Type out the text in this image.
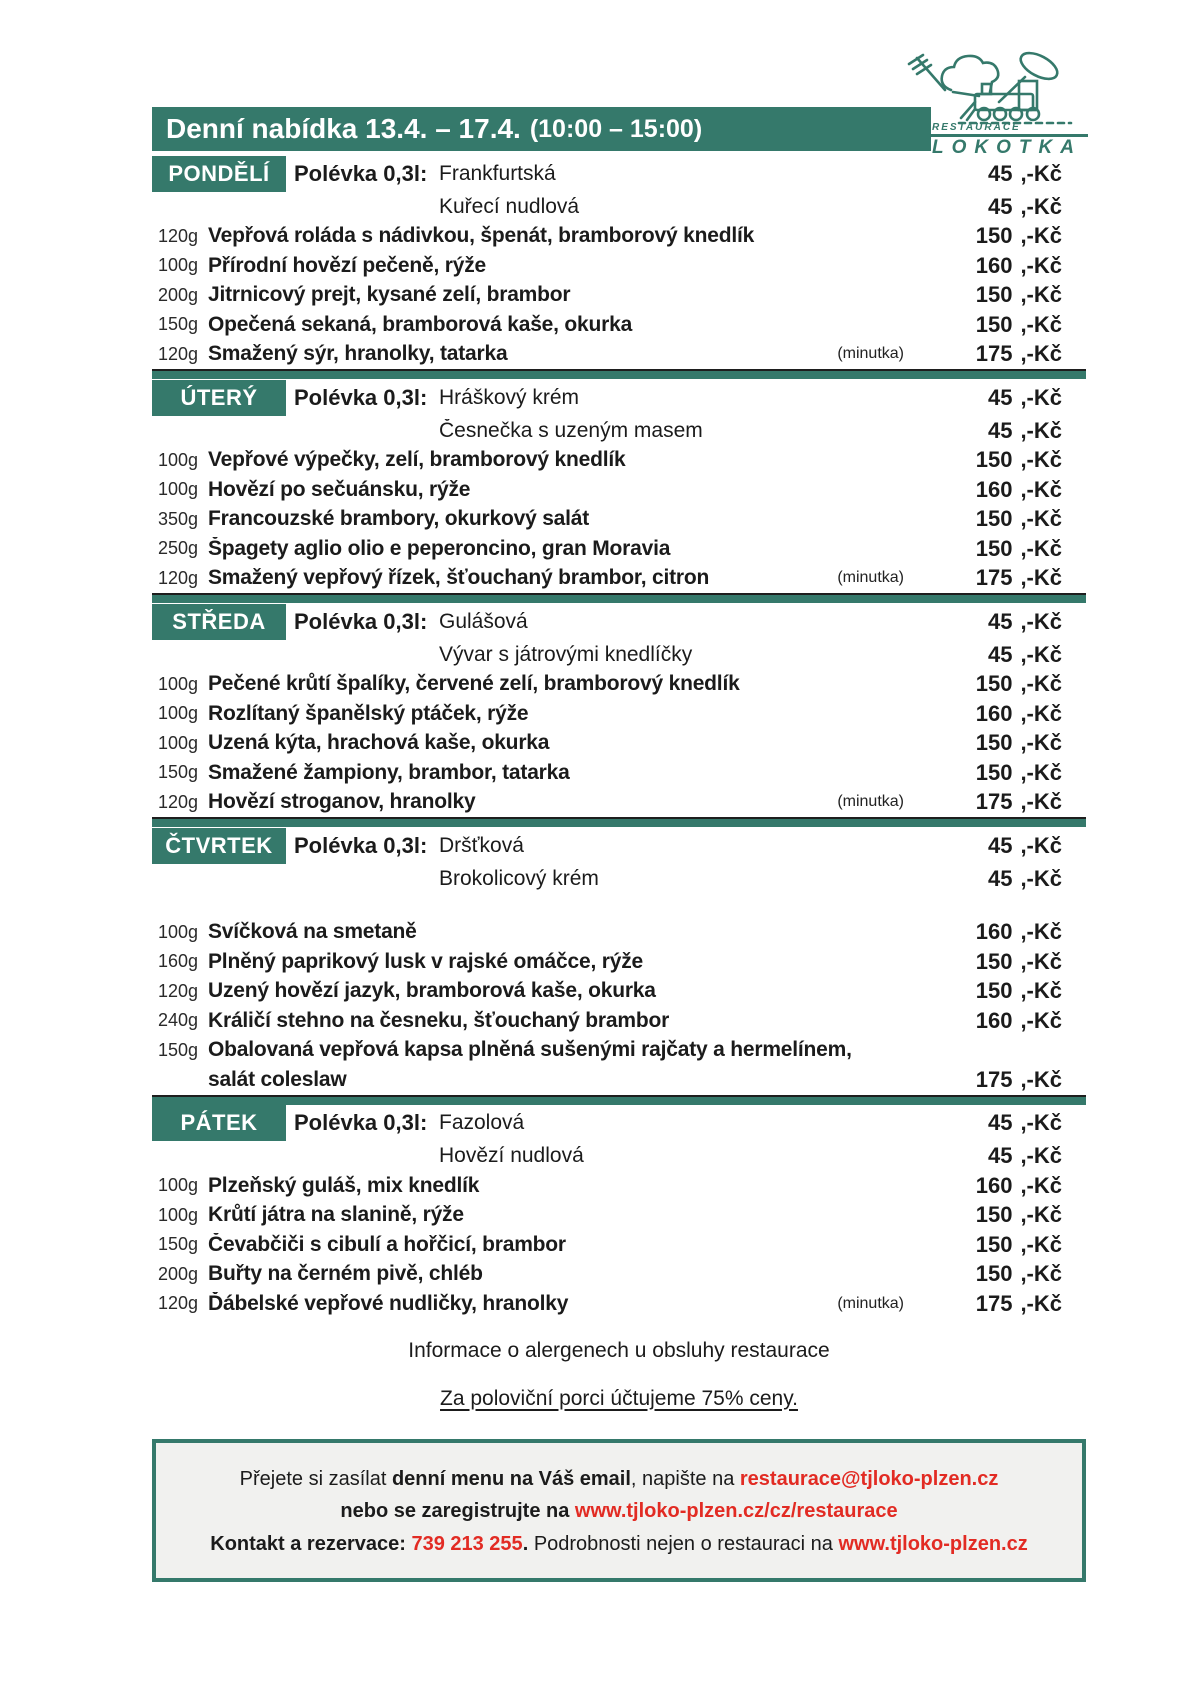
RESTAURACE
LOKOTKA
Denní nabídka 13.4. – 17.4. (10:00 – 15:00)
PONDĚLÍ	Polévka 0,3l: Frankfurtská	45 ,-Kč
Kuřecí nudlová	45 ,-Kč
120g Vepřová roláda s nádivkou, špenát, bramborový knedlík	150 ,-Kč
100g Přírodní hovězí pečeně, rýže	160 ,-Kč
200g Jitrnicový prejt, kysané zelí, brambor	150 ,-Kč
150g Opečená sekaná, bramborová kaše, okurka	150 ,-Kč
120g Smažený sýr, hranolky, tatarka	(minutka)	175 ,-Kč
ÚTERÝ	Polévka 0,3l: Hráškový krém	45 ,-Kč
Česnečka s uzeným masem	45 ,-Kč
100g Vepřové výpečky, zelí, bramborový knedlík	150 ,-Kč
100g Hovězí po sečuánsku, rýže	160 ,-Kč
350g Francouzské brambory, okurkový salát	150 ,-Kč
250g Špagety aglio olio e peperoncino, gran Moravia	150 ,-Kč
120g Smažený vepřový řízek, šťouchaný brambor, citron	(minutka)	175 ,-Kč
STŘEDA	Polévka 0,3l: Gulášová	45 ,-Kč
Vývar s játrovými knedlíčky	45 ,-Kč
100g Pečené krůtí špalíky, červené zelí, bramborový knedlík	150 ,-Kč
100g Rozlítaný španělský ptáček, rýže	160 ,-Kč
100g Uzená kýta, hrachová kaše, okurka	150 ,-Kč
150g Smažené žampiony, brambor, tatarka	150 ,-Kč
120g Hovězí stroganov, hranolky	(minutka)	175 ,-Kč
ČTVRTEK Polévka 0,3l: Dršťková	45 ,-Kč
Brokolicový krém	45 ,-Kč
100g Svíčková na smetaně	160 ,-Kč
160g Plněný paprikový lusk v rajské omáčce, rýže	150 ,-Kč
120g Uzený hovězí jazyk, bramborová kaše, okurka	150 ,-Kč
240g Králičí stehno na česneku, šťouchaný brambor	160 ,-Kč
150g Obalovaná vepřová kapsa plněná sušenými rajčaty a hermelínem,
salát coleslaw	175 ,-Kč
PÁTEK	Polévka 0,3l: Fazolová	45 ,-Kč
Hovězí nudlová	45 ,-Kč
100g Plzeňský guláš, mix knedlík	160 ,-Kč
100g Krůtí játra na slanině, rýže	150 ,-Kč
150g Čevabčiči s cibulí a hořčicí, brambor	150 ,-Kč
200g Buřty na černém pivě, chléb	150 ,-Kč
120g Ďábelské vepřové nudličky, hranolky	(minutka)	175 ,-Kč
Informace o alergenech u obsluhy restaurace
Za poloviční porci účtujeme 75% ceny.
Přejete si zasílat denní menu na Váš email, napište na restaurace@tjloko-plzen.cz
nebo se zaregistrujte na www.tjloko-plzen.cz/cz/restaurace
Kontakt a rezervace: 739 213 255. Podrobnosti nejen o restauraci na www.tjloko-plzen.cz
